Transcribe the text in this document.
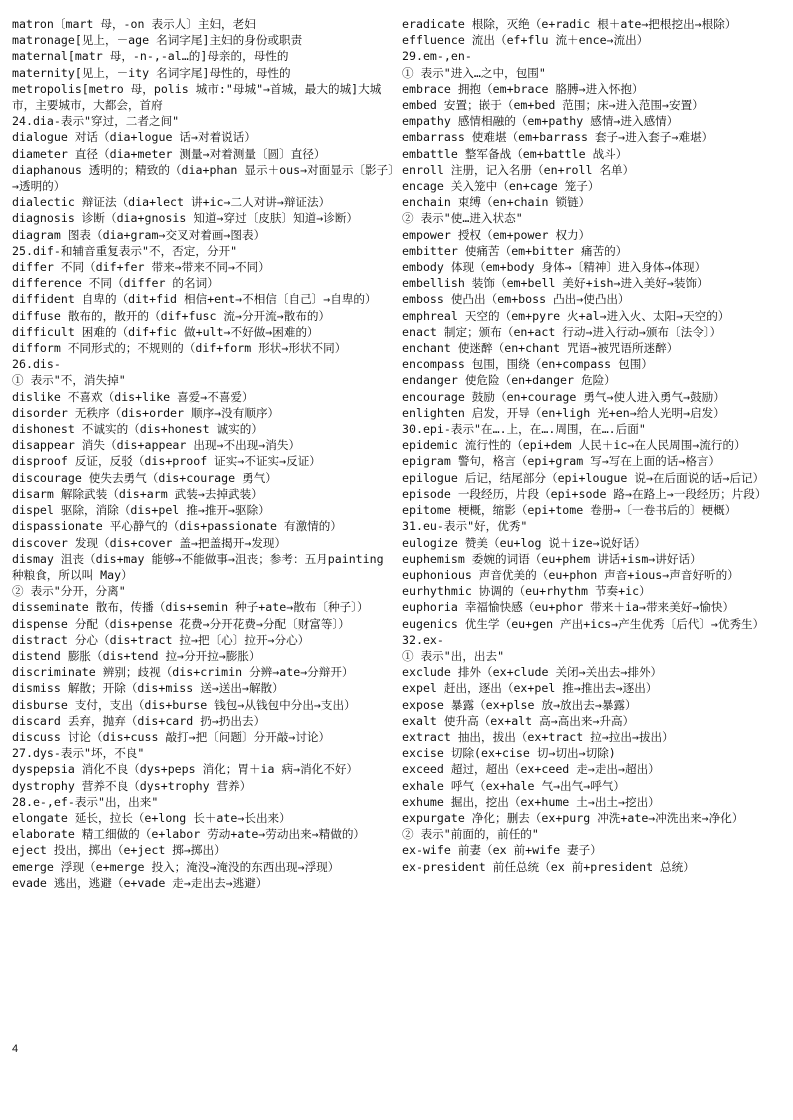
matron〔mart 母，-on 表示人〕主妇，老妇
matronage[见上，－age 名词字尾]主妇的身份或职责
maternal[matr 母，-n-,-al…的]母亲的，母性的
maternity[见上，－ity 名词字尾]母性的，母性的
metropolis[metro 母，polis 城市:"母城"→首城，最大的城]大城市，主要城市，大都会，首府
24.dia-表示"穿过，二者之间"
dialogue 对话（dia+logue 话→对着说话）
diameter 直径（dia+meter 测量→对着测量〔圆〕直径）
diaphanous 透明的；精致的（dia+phan 显示＋ous→对面显示〔影子〕→透明的）
dialectic 辩证法（dia+lect 讲+ic→二人对讲→辩证法）
diagnosis 诊断（dia+gnosis 知道→穿过〔皮肤〕知道→诊断）
diagram 图表（dia+gram→交叉对着画→图表）
25.dif-和辅音重复表示"不，否定，分开"
differ 不同（dif+fer 带来→带来不同→不同）
difference 不同（differ 的名词）
diffident 自卑的（dit+fid 相信+ent→不相信〔自己〕→自卑的）
diffuse 散布的，散开的（dif+fusc 流→分开流→散布的）
difficult 困难的（dif+fic 做+ult→不好做→困难的）
difform 不同形式的；不规则的（dif+form 形状→形状不同）
26.dis-
① 表示"不，消失掉"
dislike 不喜欢（dis+like 喜爱→不喜爱）
disorder 无秩序（dis+order 顺序→没有顺序）
dishonest 不诚实的（dis+honest 诚实的）
disappear 消失（dis+appear 出现→不出现→消失）
disproof 反证，反驳（dis+proof 证实→不证实→反证）
discourage 使失去勇气（dis+courage 勇气）
disarm 解除武装（dis+arm 武装→去掉武装）
dispel 驱除，消除（dis+pel 推→推开→驱除）
dispassionate 平心静气的（dis+passionate 有激情的）
discover 发现（dis+cover 盖→把盖揭开→发现）
dismay 沮丧（dis+may 能够→不能做事→沮丧；参考：五月painting种粮食，所以叫 May）
② 表示"分开，分离"
disseminate 散布，传播（dis+semin 种子+ate→散布〔种子〕）
dispense 分配（dis+pense 花费→分开花费→分配〔财富等〕）
distract 分心（dis+tract 拉→把〔心〕拉开→分心）
distend 膨胀（dis+tend 拉→分开拉→膨胀）
discriminate 辨别；歧视（dis+crimin 分辨→ate→分辩开）
dismiss 解散；开除（dis+miss 送→送出→解散）
disburse 支付，支出（dis+burse 钱包→从钱包中分出→支出）
discard 丢弃，抛弃（dis+card 扔→扔出去）
discuss 讨论（dis+cuss 敲打→把〔问题〕分开敲→讨论）
27.dys-表示"坏，不良"
dyspepsia 消化不良（dys+peps 消化；胃＋ia 病→消化不好）
dystrophy 营养不良（dys+trophy 营养）
28.e-,ef-表示"出，出来"
elongate 延长，拉长（e+long 长＋ate→长出来）
elaborate 精工细做的（e+labor 劳动+ate→劳动出来→精做的）
eject 投出，掷出（e+ject 掷→掷出）
emerge 浮现（e+merge 投入；淹没→淹没的东西出现→浮现）
evade 逃出，逃避（e+vade 走→走出去→逃避）
eradicate 根除，灭绝（e+radic 根＋ate→把根挖出→根除）
effluence 流出（ef+flu 流＋ence→流出）
29.em-,en-
① 表示"进入…之中，包围"
embrace 拥抱（em+brace 胳膊→进入怀抱）
embed 安置；嵌于（em+bed 范围；床→进入范围→安置）
empathy 感情相融的（em+pathy 感情→进入感情）
embarrass 使难堪（em+barrass 套子→进入套子→难堪）
embattle 整军备战（em+battle 战斗）
enroll 注册，记入名册（en+roll 名单）
encage 关入笼中（en+cage 笼子）
enchain 束缚（en+chain 锁链）
② 表示"使…进入状态"
empower 授权（em+power 权力）
embitter 使痛苦（em+bitter 痛苦的）
embody 体现（em+body 身体→〔精神〕进入身体→体现）
embellish 装饰（em+bell 美好+ish→进入美好→装饰）
emboss 使凸出（em+boss 凸出→使凸出）
emphreal 天空的（em+pyre 火+al→进入火、太阳→天空的）
enact 制定；颁布（en+act 行动→进入行动→颁布〔法令〕）
enchant 使迷醉（en+chant 咒语→被咒语所迷醉）
encompass 包围，围绕（en+compass 包围）
endanger 使危险（en+danger 危险）
encourage 鼓励（en+courage 勇气→使人进入勇气→鼓励）
enlighten 启发，开导（en+ligh 光+en→给人光明→启发）
30.epi-表示"在….上，在….周围，在….后面"
epidemic 流行性的（epi+dem 人民＋ic→在人民周围→流行的）
epigram 警句，格言（epi+gram 写→写在上面的话→格言）
epilogue 后记，结尾部分（epi+lougue 说→在后面说的话→后记）
episode 一段经历，片段（epi+sode 路→在路上→一段经历；片段）
epitome 梗概，缩影（epi+tome 卷册→〔一卷书后的〕梗概）
31.eu-表示"好，优秀"
eulogize 赞美（eu+log 说＋ize→说好话）
euphemism 委婉的词语（eu+phem 讲话+ism→讲好话）
euphonious 声音优美的（eu+phon 声音+ious→声音好听的）
eurhythmic 协调的（eu+rhythm 节奏+ic）
euphoria 幸福愉快感（eu+phor 带来＋ia→带来美好→愉快）
eugenics 优生学（eu+gen 产出+ics→产生优秀〔后代〕→优秀生）
32.ex-
① 表示"出，出去"
exclude 排外（ex+clude 关闭→关出去→排外）
expel 赶出，逐出（ex+pel 推→推出去→逐出）
expose 暴露（ex+plse 放→放出去→暴露）
exalt 使升高（ex+alt 高→高出来→升高）
extract 抽出，拔出（ex+tract 拉→拉出→拔出）
excise 切除(ex+cise 切→切出→切除)
exceed 超过，超出（ex+ceed 走→走出→超出）
exhale 呼气（ex+hale 气→出气→呼气）
exhume 掘出，挖出（ex+hume 土→出土→挖出）
expurgate 净化；删去（ex+purg 冲洗+ate→冲洗出来→净化）
② 表示"前面的，前任的"
ex-wife 前妻（ex 前+wife 妻子）
ex-president 前任总统（ex 前+president 总统）
4
